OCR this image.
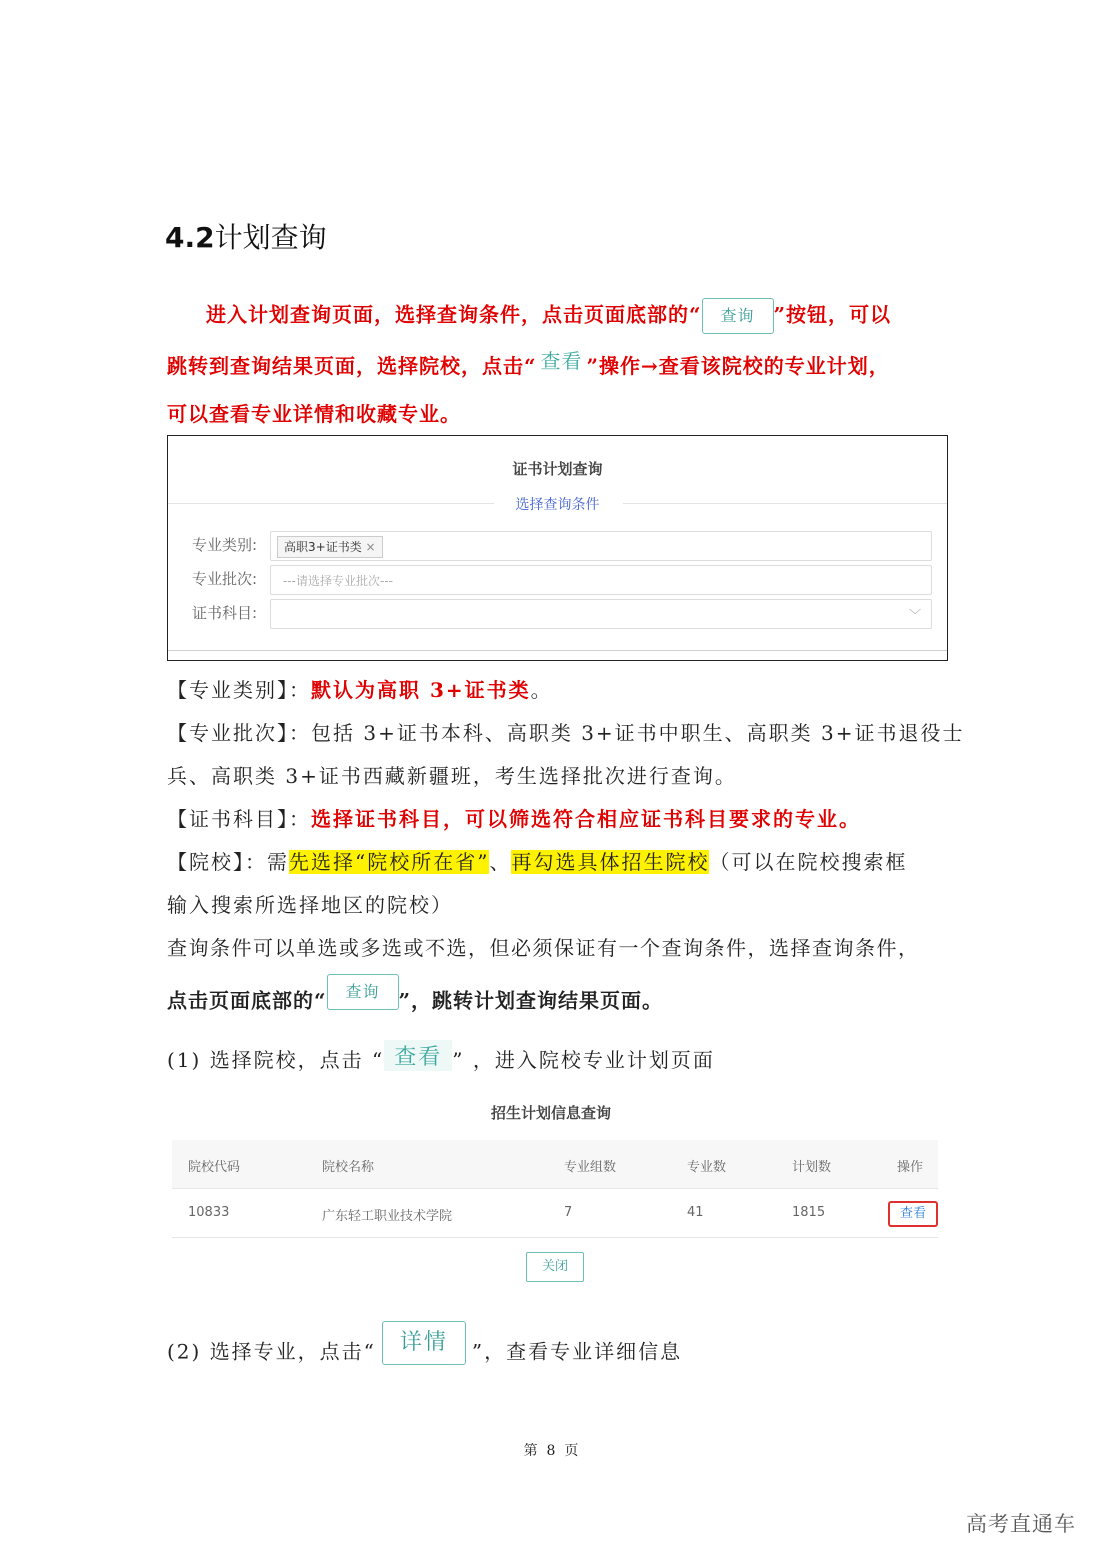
4.2计划查询
进入计划查询页面，选择查询条件，点击页面底部的“ 查询 ”按钮，可以
跳转到查询结果页面，选择院校，点击“ 查看 ”操作→查看该院校的专业计划，
可以查看专业详情和收藏专业。
证书计划查询
选择查询条件
专业类别:	高职3+证书类 ×
专业批次: ---请选择专业批次---
证书科目:	﹀
【专业类别】：默认为高职 3+证书类。
【专业批次】：包括 3+证书本科、高职类 3+证书中职生、高职类 3+证书退役士
兵、高职类 3+证书西藏新疆班，考生选择批次进行查询。
【证书科目】：选择证书科目，可以筛选符合相应证书科目要求的专业。
【院校】：需先选择“院校所在省”、再勾选具体招生院校（可以在院校搜索框
输入搜索所选择地区的院校）
查询条件可以单选或多选或不选，但必须保证有一个查询条件，选择查询条件，
点击页面底部的“ 查询 ”，跳转计划查询结果页面。
(1) 选择院校，点击 “ 查看 ” ，进入院校专业计划页面
招生计划信息查询
院校代码	院校名称	专业组数	专业数	计划数	操作
10833	广东轻工职业技术学院	7	41	1815	查看
关闭
(2) 选择专业，点击“ 详情 ”，查看专业详细信息
第  8  页
高考直通车
